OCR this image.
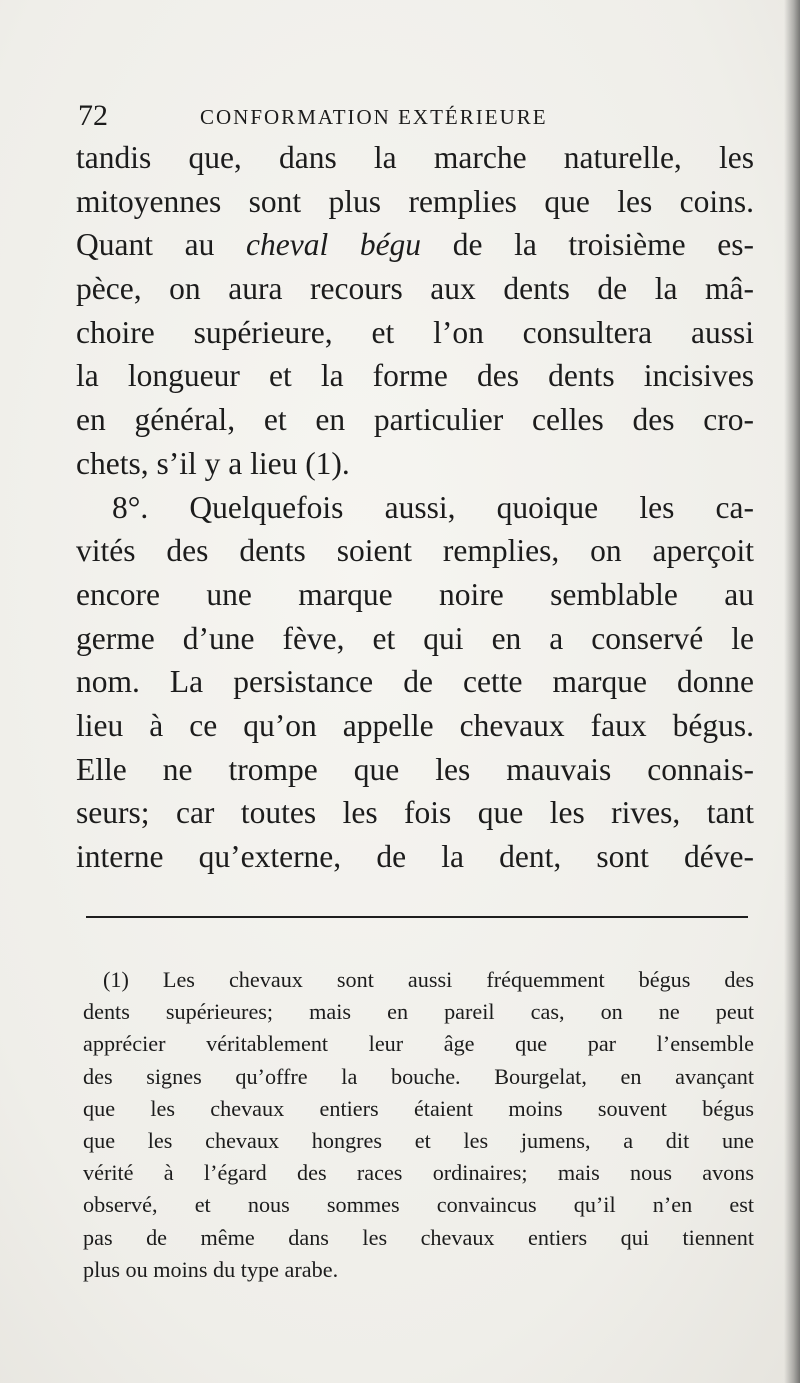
72	CONFORMATION EXTÉRIEURE
tandis que, dans la marche naturelle, les
mitoyennes sont plus remplies que les coins.
Quant au cheval bégu de la troisième es-
pèce, on aura recours aux dents de la mâ-
choire supérieure, et l’on consultera aussi
la longueur et la forme des dents incisives
en général, et en particulier celles des cro-
chets, s’il y a lieu (1).
8°. Quelquefois aussi, quoique les ca-
vités des dents soient remplies, on aperçoit
encore une marque noire semblable au
germe d’une fève, et qui en a conservé le
nom. La persistance de cette marque donne
lieu à ce qu’on appelle chevaux faux bégus.
Elle ne trompe que les mauvais connais-
seurs; car toutes les fois que les rives, tant
interne qu’externe, de la dent, sont déve-
(1) Les chevaux sont aussi fréquemment bégus des
dents supérieures; mais en pareil cas, on ne peut
apprécier véritablement leur âge que par l’ensemble
des signes qu’offre la bouche. Bourgelat, en avançant
que les chevaux entiers étaient moins souvent bégus
que les chevaux hongres et les jumens, a dit une
vérité à l’égard des races ordinaires; mais nous avons
observé, et nous sommes convaincus qu’il n’en est
pas de même dans les chevaux entiers qui tiennent
plus ou moins du type arabe.
